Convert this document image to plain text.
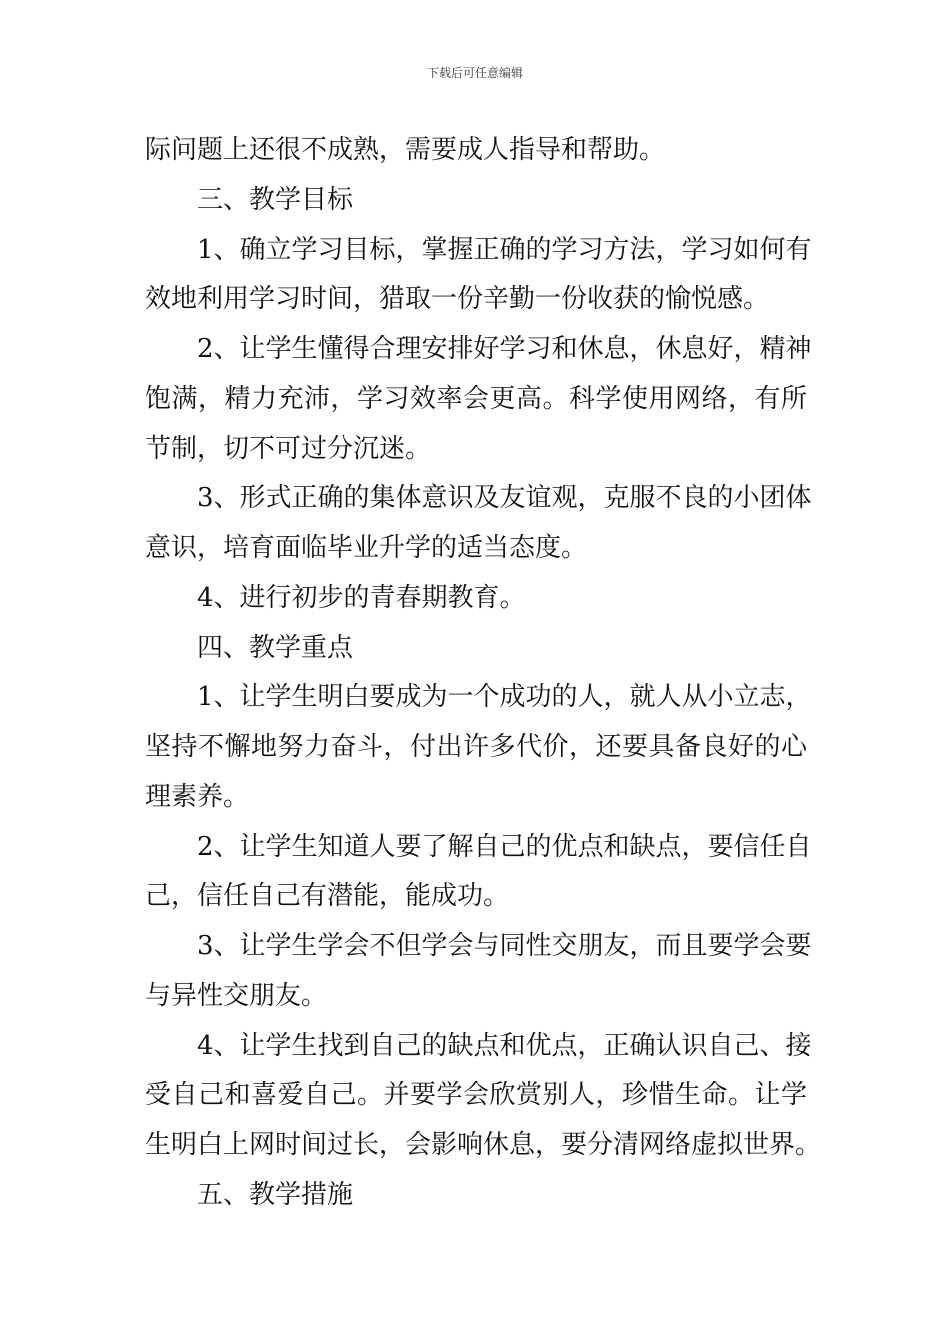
下载后可任意编辑
际问题上还很不成熟，需要成人指导和帮助。
三、教学目标
1、确立学习目标，掌握正确的学习方法，学习如何有
效地利用学习时间，猎取一份辛勤一份收获的愉悦感。
2、让学生懂得合理安排好学习和休息，休息好，精神
饱满，精力充沛，学习效率会更高。科学使用网络，有所
节制，切不可过分沉迷。
3、形式正确的集体意识及友谊观，克服不良的小团体
意识，培育面临毕业升学的适当态度。
4、进行初步的青春期教育。
四、教学重点
1、让学生明白要成为一个成功的人，就人从小立志，
坚持不懈地努力奋斗，付出许多代价，还要具备良好的心
理素养。
2、让学生知道人要了解自己的优点和缺点，要信任自
己，信任自己有潜能，能成功。
3、让学生学会不但学会与同性交朋友，而且要学会要
与异性交朋友。
4、让学生找到自己的缺点和优点，正确认识自己、接
受自己和喜爱自己。并要学会欣赏别人，珍惜生命。让学
生明白上网时间过长，会影响休息，要分清网络虚拟世界。
五、教学措施
